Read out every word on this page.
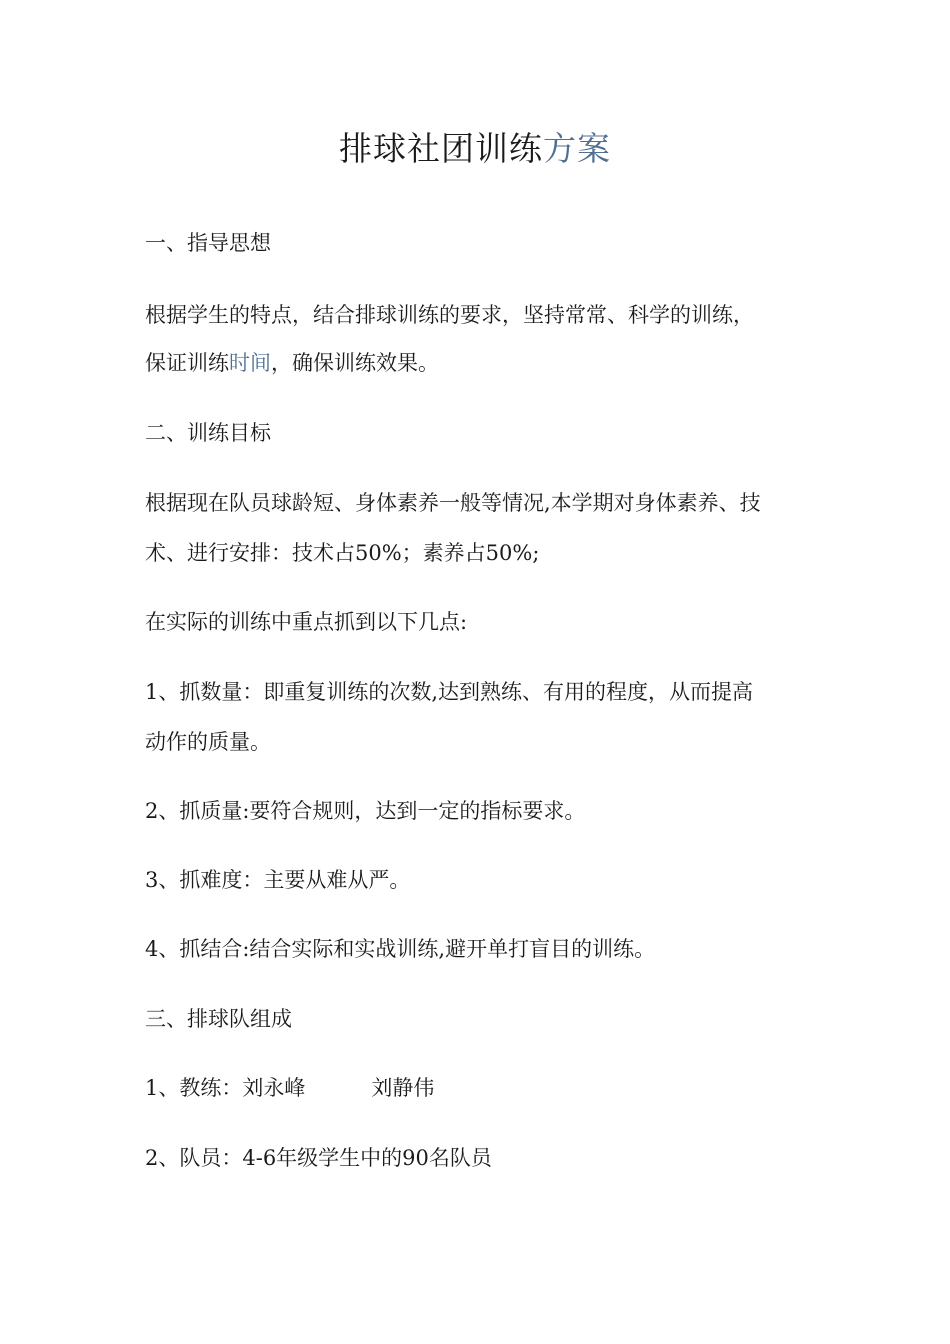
排球社团训练方案
一、指导思想
根据学生的特点，结合排球训练的要求，坚持常常、科学的训练，
保证训练时间，确保训练效果。
二、训练目标
根据现在队员球龄短、身体素养一般等情况,本学期对身体素养、技
术、进行安排：技术占50%；素养占50%;
在实际的训练中重点抓到以下几点:
1、抓数量：即重复训练的次数,达到熟练、有用的程度，从而提高
动作的质量。
2、抓质量:要符合规则，达到一定的指标要求。
3、抓难度：主要从难从严。
4、抓结合:结合实际和实战训练,避开单打盲目的训练。
三、排球队组成
1、教练：刘永峰	刘静伟
2、队员：4-6年级学生中的90名队员
